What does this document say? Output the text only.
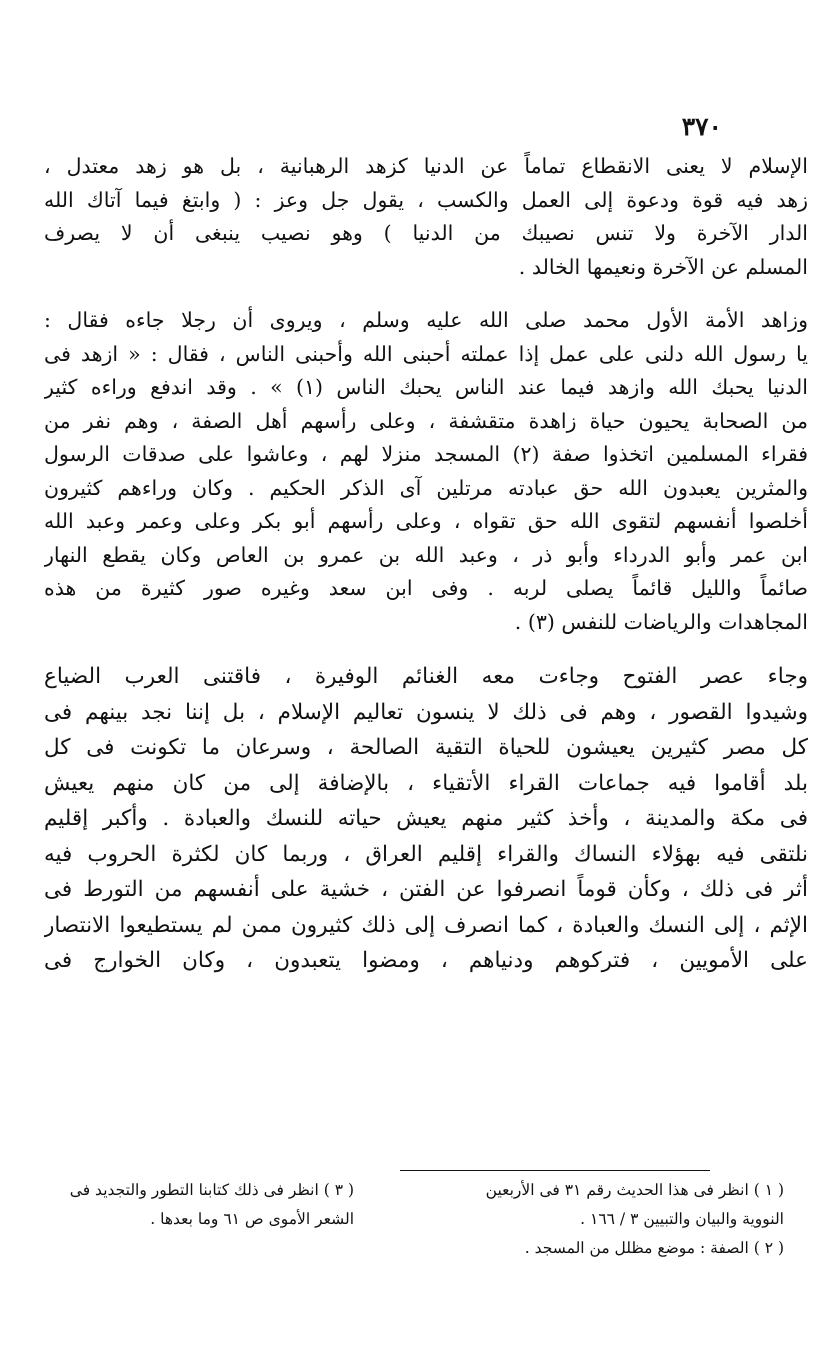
٣٧٠
الإسلام لا يعنى الانقطاع تماماً عن الدنيا كزهد الرهبانية ، بل هو زهد معتدل ،
زهد فيه قوة ودعوة إلى العمل والكسب ، يقول جل وعز : ( وابتغ فيما آتاك الله
الدار الآخرة ولا تنس نصيبك من الدنيا ) وهو نصيب ينبغى أن لا يصرف
المسلم عن الآخرة ونعيمها الخالد .
وزاهد الأمة الأول محمد صلى الله عليه وسلم ، ويروى أن رجلا جاءه فقال :
يا رسول الله دلنى على عمل إذا عملته أحبنى الله وأحبنى الناس ، فقال : « ازهد فى
الدنيا يحبك الله وازهد فيما عند الناس يحبك الناس (١) » . وقد اندفع وراءه كثير
من الصحابة يحيون حياة زاهدة متقشفة ، وعلى رأسهم أهل الصفة ، وهم نفر من
فقراء المسلمين اتخذوا صفة (٢) المسجد منزلا لهم ، وعاشوا على صدقات الرسول
والمثرين يعبدون الله حق عبادته مرتلين آى الذكر الحكيم . وكان وراءهم كثيرون
أخلصوا أنفسهم لتقوى الله حق تقواه ، وعلى رأسهم أبو بكر وعلى وعمر وعبد الله
ابن عمر وأبو الدرداء وأبو ذر ، وعبد الله بن عمرو بن العاص وكان يقطع النهار
صائماً والليل قائماً يصلى لربه . وفى ابن سعد وغيره صور كثيرة من هذه
المجاهدات والرياضات للنفس (٣) .
وجاء عصر الفتوح وجاءت معه الغنائم الوفيرة ، فاقتنى العرب الضياع
وشيدوا القصور ، وهم فى ذلك لا ينسون تعاليم الإسلام ، بل إننا نجد بينهم فى
كل مصر كثيرين يعيشون للحياة التقية الصالحة ، وسرعان ما تكونت فى كل
بلد أقاموا فيه جماعات القراء الأتقياء ، بالإضافة إلى من كان منهم يعيش
فى مكة والمدينة ، وأخذ كثير منهم يعيش حياته للنسك والعبادة . وأكبر إقليم
نلتقى فيه بهؤلاء النساك والقراء إقليم العراق ، وربما كان لكثرة الحروب فيه
أثر فى ذلك ، وكأن قوماً انصرفوا عن الفتن ، خشية على أنفسهم من التورط فى
الإثم ، إلى النسك والعبادة ، كما انصرف إلى ذلك كثيرون ممن لم يستطيعوا الانتصار
على الأمويين ، فتركوهم ودنياهم ، ومضوا يتعبدون ، وكان الخوارج فى
( ١ ) انظر فى هذا الحديث رقم ٣١ فى الأربعين
النووية والبيان والتبيين ٣ / ١٦٦ .
( ٢ ) الصفة : موضع مظلل من المسجد .
( ٣ ) انظر فى ذلك كتابنا التطور والتجديد فى
الشعر الأموى ص ٦١ وما بعدها .
